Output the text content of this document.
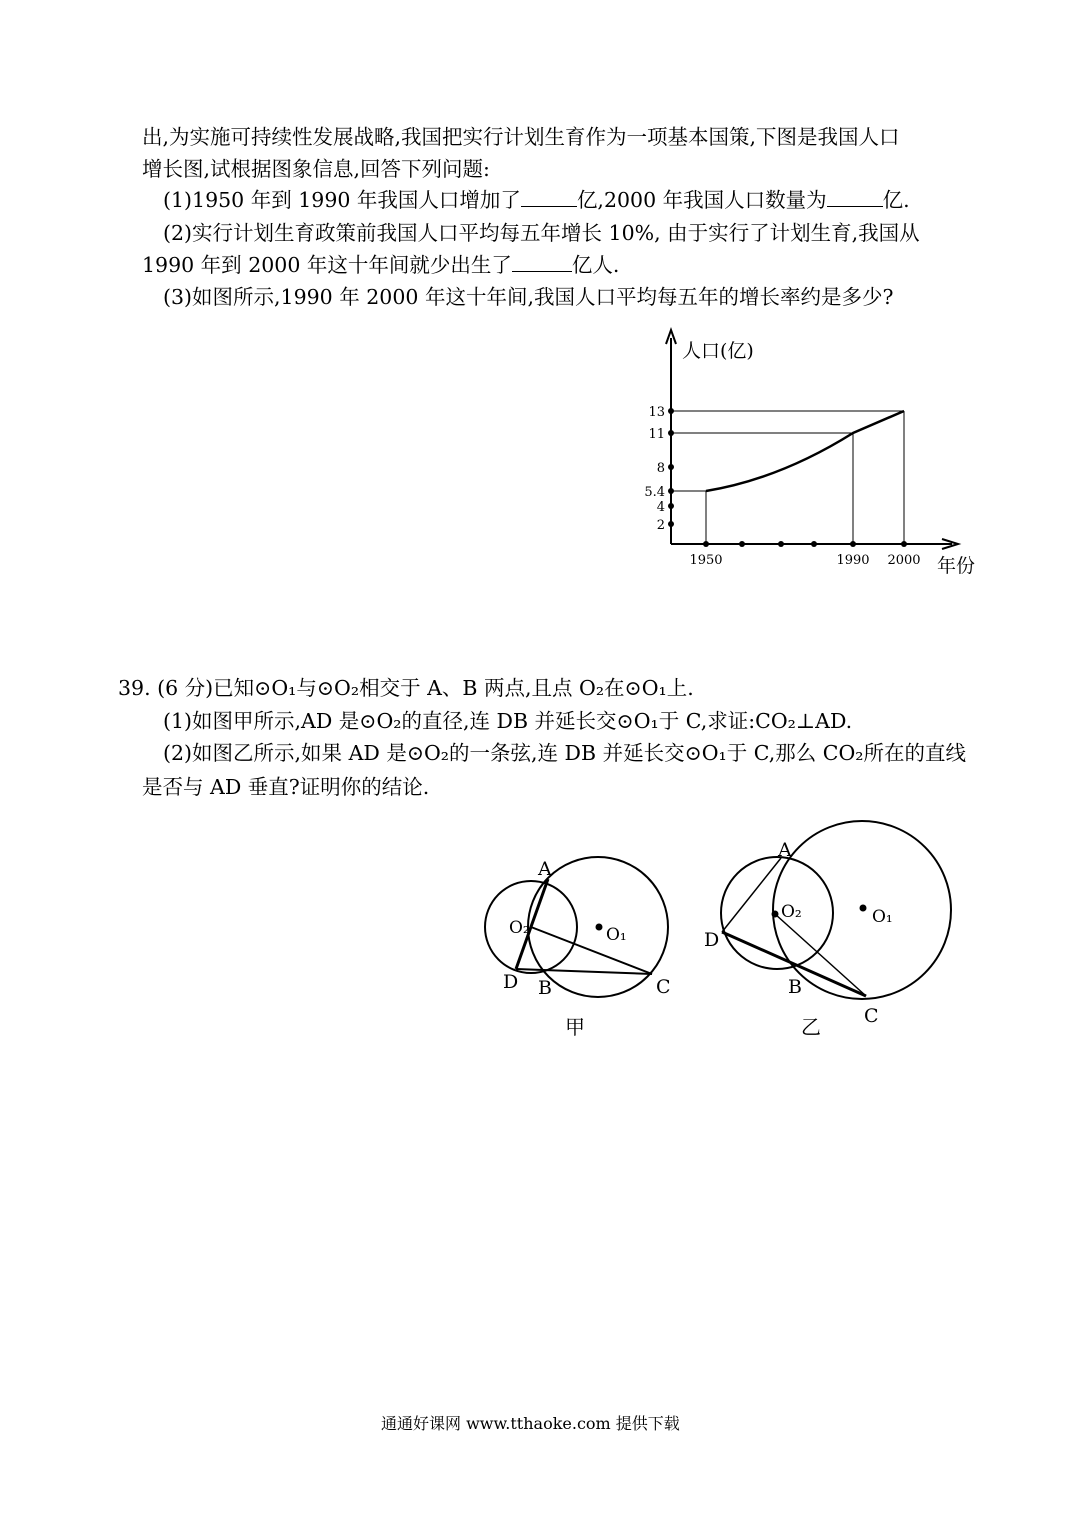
出,为实施可持续性发展战略,我国把实行计划生育作为一项基本国策,下图是我国人口
增长图,试根据图象信息,回答下列问题:
(1)1950 年到 1990 年我国人口增加了	亿,2000 年我国人口数量为	亿.
(2)实行计划生育政策前我国人口平均每五年增长 10%, 由于实行了计划生育,我国从
1990 年到 2000 年这十年间就少出生了	亿人.
(3)如图所示,1990 年 2000 年这十年间,我国人口平均每五年的增长率约是多少?
13
11
8
5.4
4
2
1950	1990 2000
人口(亿)
年份
39. (6 分)已知⊙O₁与⊙O₂相交于 A、B 两点,且点 O₂在⊙O₁上.
(1)如图甲所示,AD 是⊙O₂的直径,连 DB 并延长交⊙O₁于 C,求证:CO₂⊥AD.
(2)如图乙所示,如果 AD 是⊙O₂的一条弦,连 DB 并延长交⊙O₁于 C,那么 CO₂所在的直线
是否与 AD 垂直?证明你的结论.
A
O₂	O₁
D B	C
甲
A
O₂	O₁
D
B
C
乙
通通好课网 www.tthaoke.com 提供下载
